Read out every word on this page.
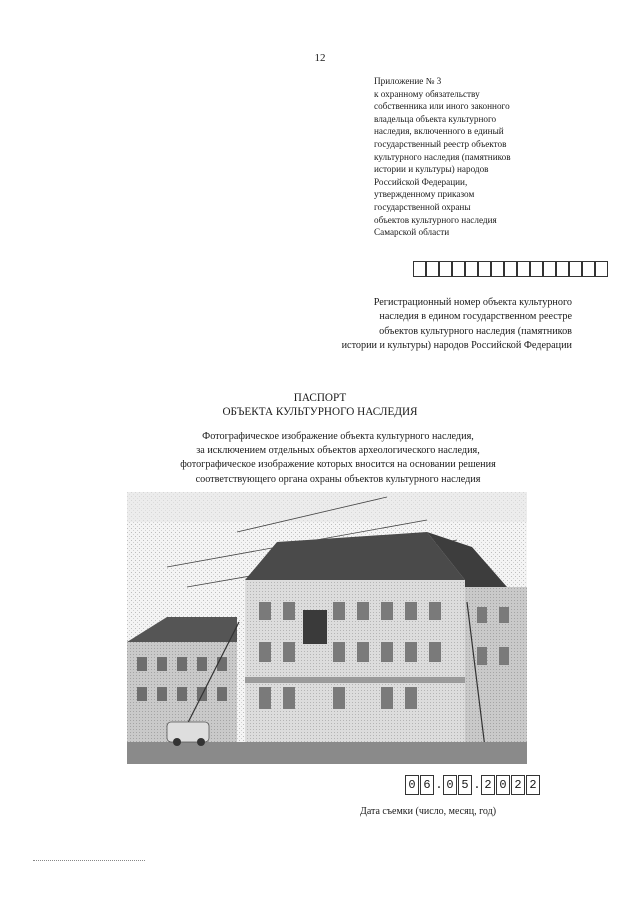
12
Приложение № 3
к охранному обязательству
собственника или иного законного
владельца объекта культурного
наследия, включенного в единый
государственный реестр объектов
культурного наследия (памятников
истории и культуры) народов
Российской Федерации,
утвержденному приказом
государственной охраны
объектов культурного наследия
Самарской области
Регистрационный номер объекта культурного
наследия в едином государственном реестре
объектов культурного наследия (памятников
истории и культуры) народов Российской Федерации
ПАСПОРТ
ОБЪЕКТА КУЛЬТУРНОГО НАСЛЕДИЯ
Фотографическое изображение объекта культурного наследия,
за исключением отдельных объектов археологического наследия,
фотографическое изображение которых вносится на основании решения
соответствующего органа охраны объектов культурного наследия
0 6 . 0 5 . 2 0 2 2
Дата съемки (число, месяц, год)
